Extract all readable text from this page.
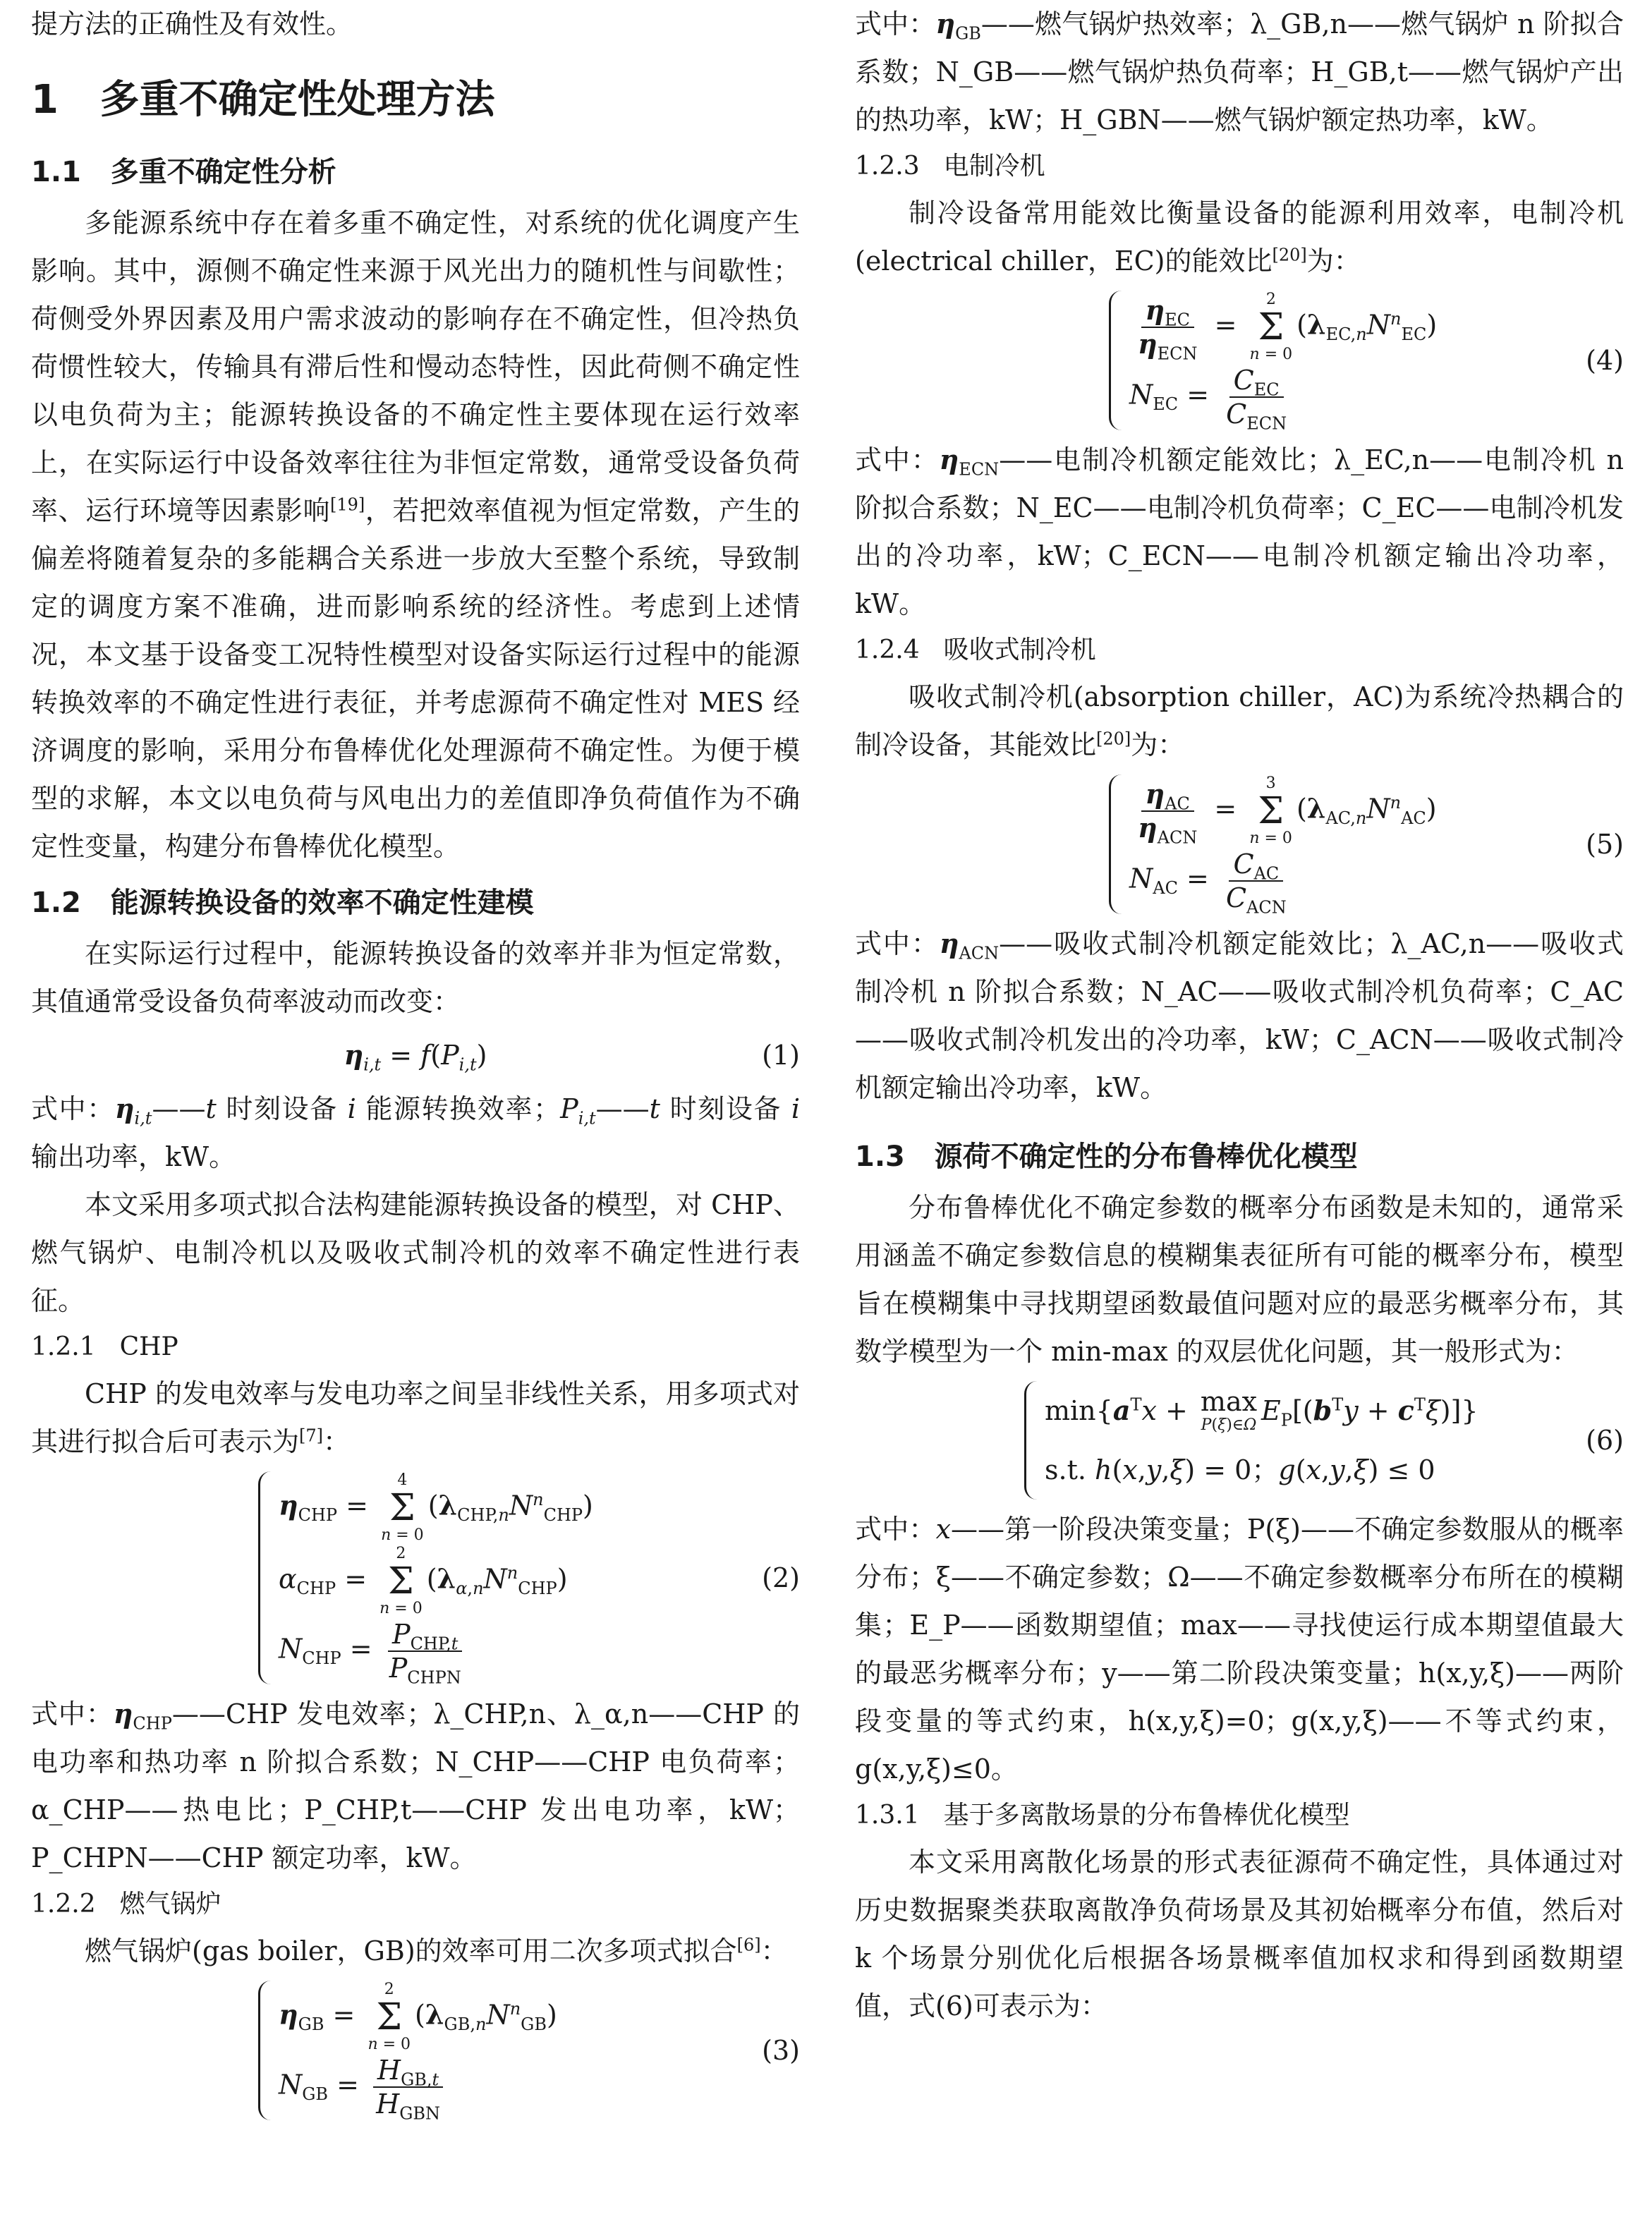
提方法的正确性及有效性。

1 多重不确定性处理方法
1.1 多重不确定性分析

多能源系统中存在着多重不确定性，对系统的优化调度产生影响。其中，源侧不确定性来源于风光出力的随机性与间歇性；荷侧受外界因素及用户需求波动的影响存在不确定性，但冷热负荷惯性较大，传输具有滞后性和慢动态特性，因此荷侧不确定性以电负荷为主；能源转换设备的不确定性主要体现在运行效率上，在实际运行中设备效率往往为非恒定常数，通常受设备负荷率、运行环境等因素影响[19]，若把效率值视为恒定常数，产生的偏差将随着复杂的多能耦合关系进一步放大至整个系统，导致制定的调度方案不准确，进而影响系统的经济性。考虑到上述情况，本文基于设备变工况特性模型对设备实际运行过程中的能源转换效率的不确定性进行表征，并考虑源荷不确定性对 MES 经济调度的影响，采用分布鲁棒优化处理源荷不确定性。为便于模型的求解，本文以电负荷与风电出力的差值即净负荷值作为不确定性变量，构建分布鲁棒优化模型。

1.2 能源转换设备的效率不确定性建模

在实际运行过程中，能源转换设备的效率并非为恒定常数，其值通常受设备负荷率波动而改变：

$\eta_{i,t} = f(P_{i,t})$	(1)

式中：$\eta_{i,t}——t$ 时刻设备 i 能源转换效率；$P_{i,t}——t$ 时刻设备 i 输出功率，kW。

本文采用多项式拟合法构建能源转换设备的模型，对 CHP、燃气锅炉、电制冷机以及吸收式制冷机的效率不确定性进行表征。

1.2.1 CHP

CHP 的发电效率与发电功率之间呈非线性关系，用多项式对其进行拟合后可表示为[7]：

$\eta_{CHP}$ =
4
Σ
n = 0
$(\lambda_{CHP,n}N^n_{CHP})$
$\alpha_{CHP}$ =
2
Σ
n = 0
$(\lambda_{\alpha,n}N^n_{CHP})$
$N_{CHP} = \frac{P_{CHP,t}}{P_{CHPN}}$
(2)

式中：$\eta_{CHP}——CHP$ 发电效率；λ_CHP,n、λ_α,n——CHP 的电功率和热功率 n 阶拟合系数；N_CHP——CHP 电负荷率；α_CHP——热电比；P_CHP,t——CHP 发出电功率，kW；P_CHPN——CHP 额定功率，kW。

1.2.2 燃气锅炉

燃气锅炉(gas boiler，GB)的效率可用二次多项式拟合[6]：

$\eta_{GB}$ =
2
Σ
n = 0
$(\lambda_{GB,n}N^n_{GB})$
$N_{GB} = \frac{H_{GB,t}}{H_{GBN}}$
(3)

式中：$\eta_{GB}——$燃气锅炉热效率；λ_GB,n——燃气锅炉 n 阶拟合系数；N_GB——燃气锅炉热负荷率；H_GB,t——燃气锅炉产出的热功率，kW；H_GBN——燃气锅炉额定热功率，kW。

1.2.3 电制冷机

制冷设备常用能效比衡量设备的能源利用效率，电制冷机(electrical chiller，EC)的能效比[20]为：

$\frac{\eta_{EC}}{\eta_{ECN}}$ =
2
Σ
n = 0
$(\lambda_{EC,n}N^n_{EC})$
$N_{EC} = \frac{C_{EC}}{C_{ECN}}$
(4)

式中：$\eta_{ECN}——$电制冷机额定能效比；λ_EC,n——电制冷机 n 阶拟合系数；N_EC——电制冷机负荷率；C_EC——电制冷机发出的冷功率，kW；C_ECN——电制冷机额定输出冷功率，kW。

1.2.4 吸收式制冷机

吸收式制冷机(absorption chiller，AC)为系统冷热耦合的制冷设备，其能效比[20]为：

$\frac{\eta_{AC}}{\eta_{ACN}}$ =
3
Σ
n = 0
$(\lambda_{AC,n}N^n_{AC})$
$N_{AC} = \frac{C_{AC}}{C_{ACN}}$
(5)

式中：$\eta_{ACN}——$吸收式制冷机额定能效比；λ_AC,n——吸收式制冷机 n 阶拟合系数；N_AC——吸收式制冷机负荷率；C_AC——吸收式制冷机发出的冷功率，kW；C_ACN——吸收式制冷机额定输出冷功率，kW。

1.3 源荷不确定性的分布鲁棒优化模型

分布鲁棒优化不确定参数的概率分布函数是未知的，通常采用涵盖不确定参数信息的模糊集表征所有可能的概率分布，模型旨在模糊集中寻找期望函数最值问题对应的最恶劣概率分布，其数学模型为一个 min-max 的双层优化问题，其一般形式为：

$\min\{a^Tx + \max$
P(ξ)∈Ω $E_P[(b^Ty + c^T\xi)]$}
s.t. h(x,y,ξ) = 0；g(x,y,ξ) ≤ 0
(6)

式中：x——第一阶段决策变量；P(ξ)——不确定参数服从的概率分布；ξ——不确定参数；Ω——不确定参数概率分布所在的模糊集；E_P——函数期望值；max——寻找使运行成本期望值最大的最恶劣概率分布；y——第二阶段决策变量；h(x,y,ξ)——两阶段变量的等式约束，h(x,y,ξ)=0；g(x,y,ξ)——不等式约束，g(x,y,ξ)≤0。

1.3.1 基于多离散场景的分布鲁棒优化模型

本文采用离散化场景的形式表征源荷不确定性，具体通过对历史数据聚类获取离散净负荷场景及其初始概率分布值，然后对 k 个场景分别优化后根据各场景概率值加权求和得到函数期望值，式(6)可表示为：
